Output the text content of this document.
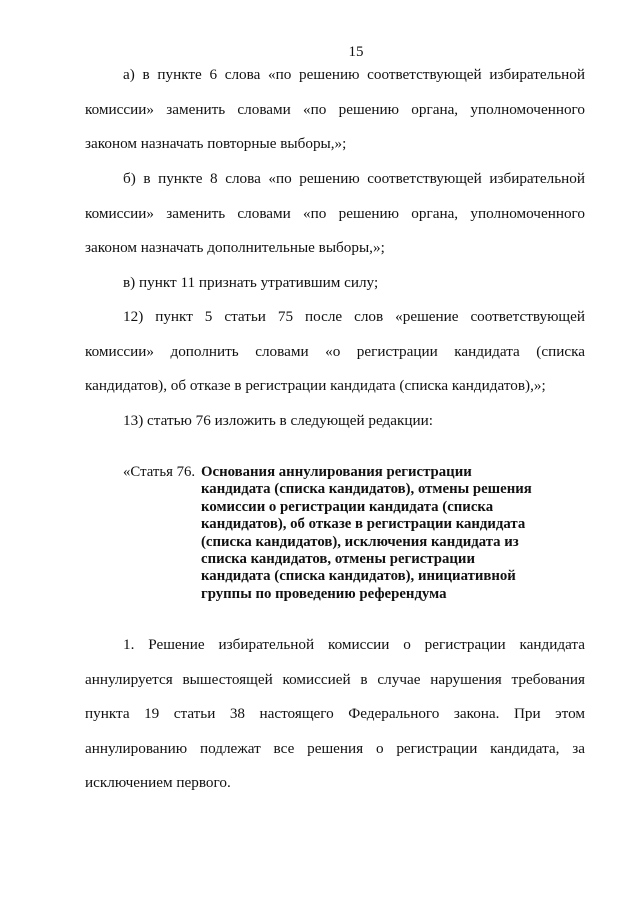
15
а) в пункте 6 слова «по решению соответствующей избирательной
комиссии» заменить словами «по решению органа, уполномоченного
законом назначать повторные выборы,»;
б) в пункте 8 слова «по решению соответствующей избирательной
комиссии» заменить словами «по решению органа, уполномоченного
законом назначать дополнительные выборы,»;
в) пункт 11 признать утратившим силу;
12) пункт 5 статьи 75 после слов «решение соответствующей
комиссии» дополнить словами «о регистрации кандидата (списка
кандидатов), об отказе в регистрации кандидата (списка кандидатов),»;
13) статью 76 изложить в следующей редакции:
«Статья 76. Основания аннулирования регистрации
кандидата (списка кандидатов), отмены решения
комиссии о регистрации кандидата (списка
кандидатов), об отказе в регистрации кандидата
(списка кандидатов), исключения кандидата из
списка кандидатов, отмены регистрации
кандидата (списка кандидатов), инициативной
группы по проведению референдума
1. Решение избирательной комиссии о регистрации кандидата
аннулируется вышестоящей комиссией в случае нарушения требования
пункта 19 статьи 38 настоящего Федерального закона. При этом
аннулированию подлежат все решения о регистрации кандидата, за
исключением первого.
